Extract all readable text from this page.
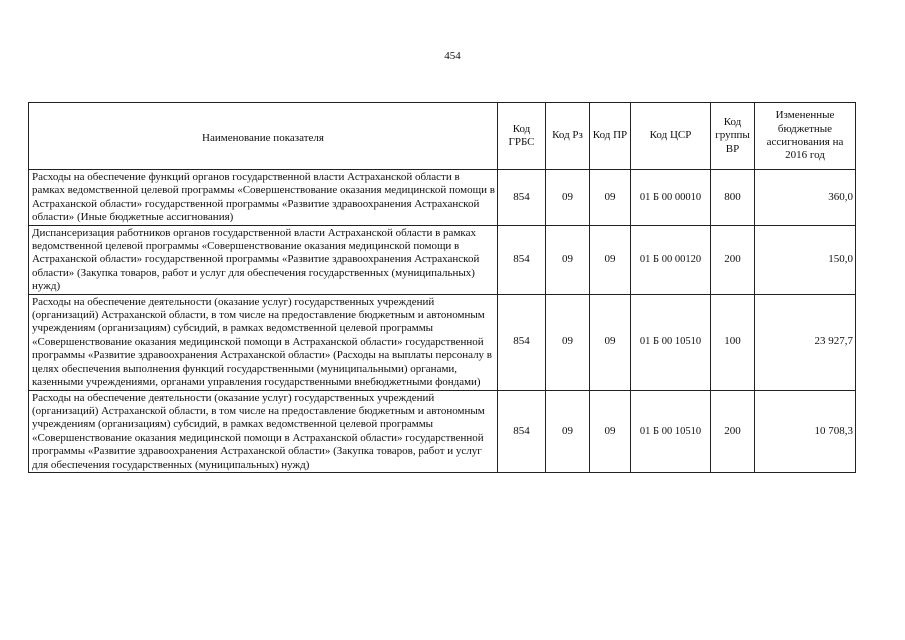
454
Наименование показателя	Код ГРБС	Код Рз	Код ПР	Код ЦСР	Код группы ВР	Измененные бюджетные ассигнования на 2016 год
Расходы на обеспечение функций органов государственной власти Астраханской области в рамках ведомственной целевой программы «Совершенствование оказания медицинской помощи в Астраханской области» государственной программы «Развитие здравоохранения Астраханской области» (Иные бюджетные ассигнования)	854	09	09	01 Б 00 00010	800	360,0
Диспансеризация работников органов государственной власти Астраханской области в рамках ведомственной целевой программы «Совершенствование оказания медицинской помощи в Астраханской области» государственной программы «Развитие здравоохранения Астраханской области» (Закупка товаров, работ и услуг для обеспечения государственных (муниципальных) нужд)	854	09	09	01 Б 00 00120	200	150,0
Расходы на обеспечение деятельности (оказание услуг) государственных учреждений (организаций) Астраханской области, в том числе на предоставление бюджетным и автономным учреждениям (организациям) субсидий, в рамках ведомственной целевой программы «Совершенствование оказания медицинской помощи в Астраханской области» государственной программы «Развитие здравоохранения Астраханской области» (Расходы на выплаты персоналу в целях обеспечения выполнения функций государственными (муниципальными) органами, казенными учреждениями, органами управления государственными внебюджетными фондами)	854	09	09	01 Б 00 10510	100	23 927,7
Расходы на обеспечение деятельности (оказание услуг) государственных учреждений (организаций) Астраханской области, в том числе на предоставление бюджетным и автономным учреждениям (организациям) субсидий, в рамках ведомственной целевой программы «Совершенствование оказания медицинской помощи в Астраханской области» государственной программы «Развитие здравоохранения Астраханской области» (Закупка товаров, работ и услуг для обеспечения государственных (муниципальных) нужд)	854	09	09	01 Б 00 10510	200	10 708,3
